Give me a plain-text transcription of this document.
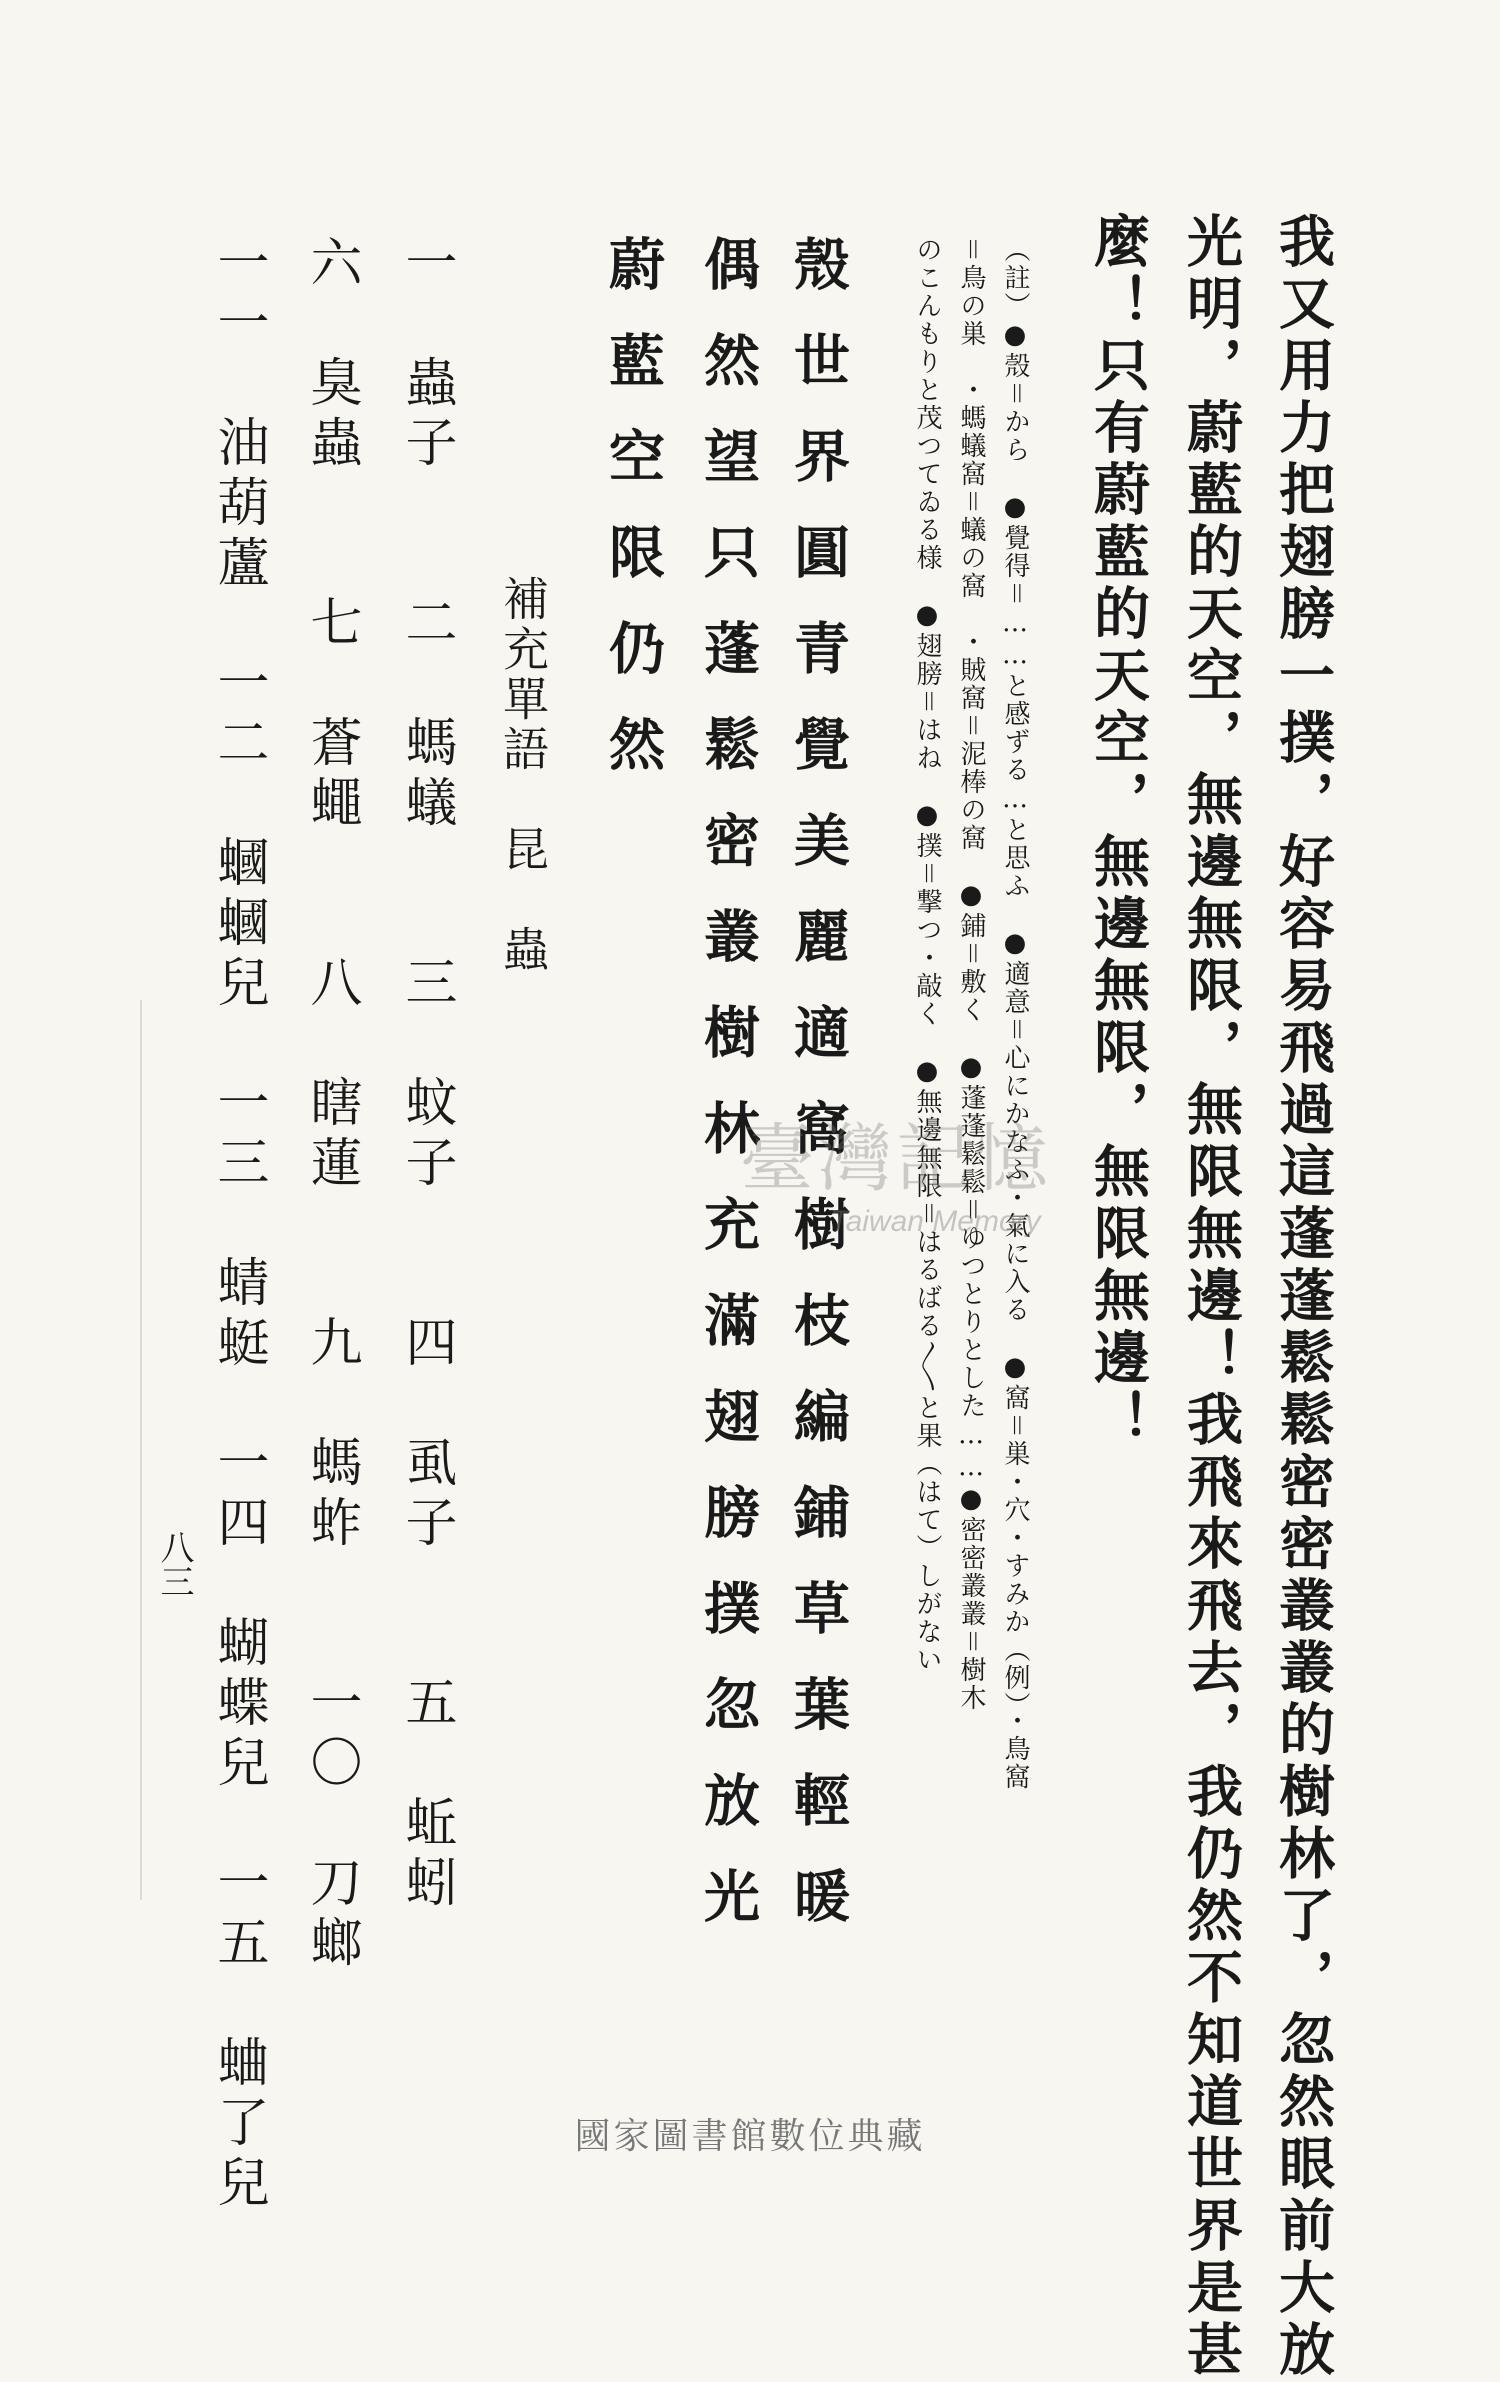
我又用力把翅膀一撲，好容易飛過這蓬蓬鬆鬆密密叢叢的樹林了，忽然眼前大放
光明，蔚藍的天空，無邊無限，無限無邊！我飛來飛去，我仍然不知道世界是甚
麼！只有蔚藍的天空，無邊無限，無限無邊！
（註）●殼＝から　●覺得＝……と感ずる…と思ふ　●適意＝心にかなふ・氣に入る　●窩＝巣・穴・すみか（例）・鳥窩
＝鳥の巣　・螞蟻窩＝蟻の窩　・賊窩＝泥棒の窩　●鋪＝敷く　●蓬蓬鬆鬆＝ゆつとりとした……●密密叢叢＝樹木
のこんもりと茂つてゐる様　●翅膀＝はね　●撲＝撃つ・敲く　●無邊無限＝はるばる〳〵と果（はて）しがない
殼世界圓青覺美麗適窩樹枝編鋪草葉輕暖
偶然望只蓬鬆密叢樹林充滿翅膀撲忽放光
蔚藍空限仍然
補充單語　昆　蟲
一　蟲子　　二　螞蟻　　三　蚊子　　四　虱子　　五　蚯蚓
六　臭蟲　　七　蒼蠅　　八　瞎蓮　　九　螞蚱　　一〇　刀螂
一一　油葫蘆　一二　蟈蟈兒　一三　蜻蜓　一四　蝴蝶兒　一五　蛐了兒
八三
臺灣記憶
Taiwan Memory
國家圖書館數位典藏
